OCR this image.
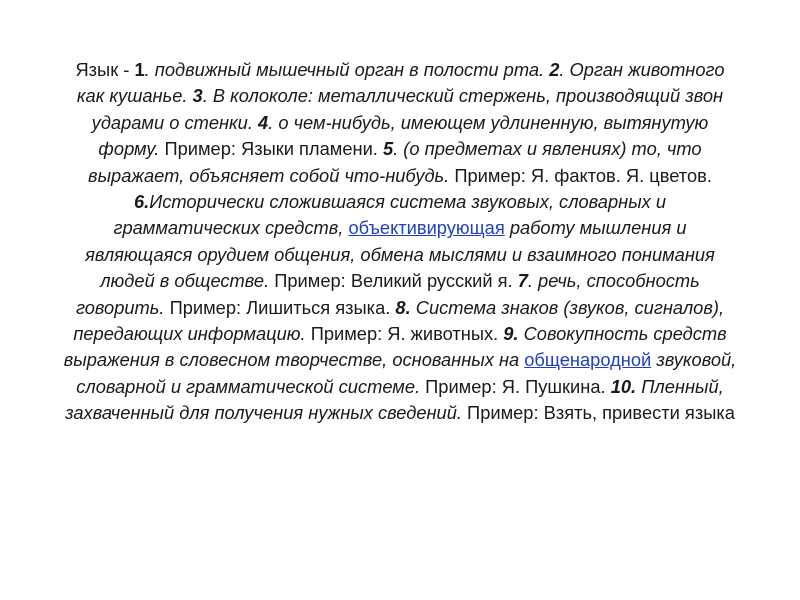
Язык - 1. подвижный мышечный орган в полости рта. 2. Орган животного как кушанье. 3. В колоколе: металлический стержень, производящий звон ударами о стенки. 4. о чем-нибудь, имеющем удлиненную, вытянутую форму. Пример: Языки пламени. 5. (о предметах и явлениях) то, что выражает, объясняет собой что-нибудь. Пример: Я. фактов. Я. цветов. 6.Исторически сложившаяся система звуковых, словарных и грамматических средств, объективирующая работу мышления и являющаяся орудием общения, обмена мыслями и взаимного понимания людей в обществе. Пример: Великий русский я. 7. речь, способность говорить. Пример: Лишиться языка. 8. Система знаков (звуков, сигналов), передающих информацию. Пример: Я. животных. 9. Совокупность средств выражения в словесном творчестве, основанных на общенародной звуковой, словарной и грамматической системе. Пример: Я. Пушкина. 10. Пленный, захваченный для получения нужных сведений. Пример: Взять, привести языка
